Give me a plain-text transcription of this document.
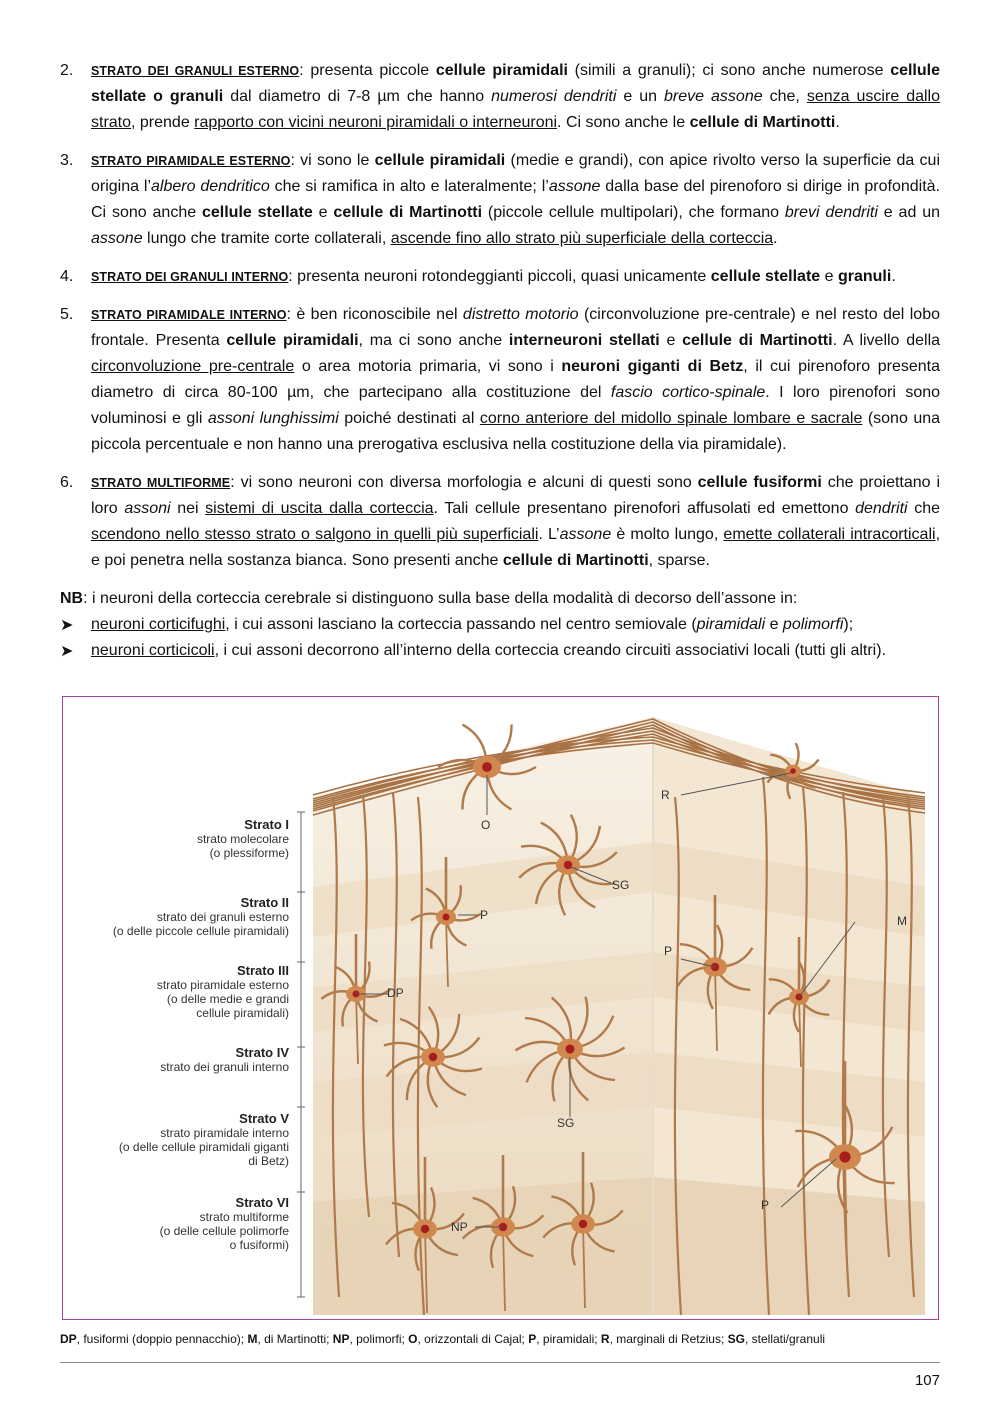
2. STRATO DEI GRANULI ESTERNO: presenta piccole cellule piramidali (simili a granuli); ci sono anche numerose cellule stellate o granuli dal diametro di 7-8 µm che hanno numerosi dendriti e un breve assone che, senza uscire dallo strato, prende rapporto con vicini neuroni piramidali o interneuroni. Ci sono anche le cellule di Martinotti.
3. STRATO PIRAMIDALE ESTERNO: vi sono le cellule piramidali (medie e grandi), con apice rivolto verso la superficie da cui origina l’albero dendritico che si ramifica in alto e lateralmente; l’assone dalla base del pirenoforo si dirige in profondità. Ci sono anche cellule stellate e cellule di Martinotti (piccole cellule multipolari), che formano brevi dendriti e ad un assone lungo che tramite corte collaterali, ascende fino allo strato più superficiale della corteccia.
4. STRATO DEI GRANULI INTERNO: presenta neuroni rotondeggianti piccoli, quasi unicamente cellule stellate e granuli.
5. STRATO PIRAMIDALE INTERNO: è ben riconoscibile nel distretto motorio (circonvoluzione pre-centrale) e nel resto del lobo frontale. Presenta cellule piramidali, ma ci sono anche interneuroni stellati e cellule di Martinotti. A livello della circonvoluzione pre-centrale o area motoria primaria, vi sono i neuroni giganti di Betz, il cui pirenoforo presenta diametro di circa 80-100 µm, che partecipano alla costituzione del fascio cortico-spinale. I loro pirenofori sono voluminosi e gli assoni lunghissimi poiché destinati al corno anteriore del midollo spinale lombare e sacrale (sono una piccola percentuale e non hanno una prerogativa esclusiva nella costituzione della via piramidale).
6. STRATO MULTIFORME: vi sono neuroni con diversa morfologia e alcuni di questi sono cellule fusiformi che proiettano i loro assoni nei sistemi di uscita dalla corteccia. Tali cellule presentano pirenofori affusolati ed emettono dendriti che scendono nello stesso strato o salgono in quelli più superficiali. L’assone è molto lungo, emette collaterali intracorticali, e poi penetra nella sostanza bianca. Sono presenti anche cellule di Martinotti, sparse.
NB: i neuroni della corteccia cerebrale si distinguono sulla base della modalità di decorso dell’assone in:
➤ neuroni corticifughi, i cui assoni lasciano la corteccia passando nel centro semiovale (piramidali e polimorfi);
➤ neuroni corticicoli, i cui assoni decorrono all’interno della corteccia creando circuiti associativi locali (tutti gli altri).
Strato I
strato molecolare
(o plessiforme)
Strato II
strato dei granuli esterno
(o delle piccole cellule piramidali)
Strato III
strato piramidale esterno
(o delle medie e grandi
cellule piramidali)
Strato IV
strato dei granuli interno
Strato V
strato piramidale interno
(o delle cellule piramidali giganti
di Betz)
Strato VI
strato multiforme
(o delle cellule polimorfe
o fusiformi)
O
SG
P
DP
SG
NP
R
M
P
P
DP, fusiformi (doppio pennacchio); M, di Martinotti; NP, polimorfi; O, orizzontali di Cajal; P, piramidali; R, marginali di Retzius; SG, stellati/granuli
107
